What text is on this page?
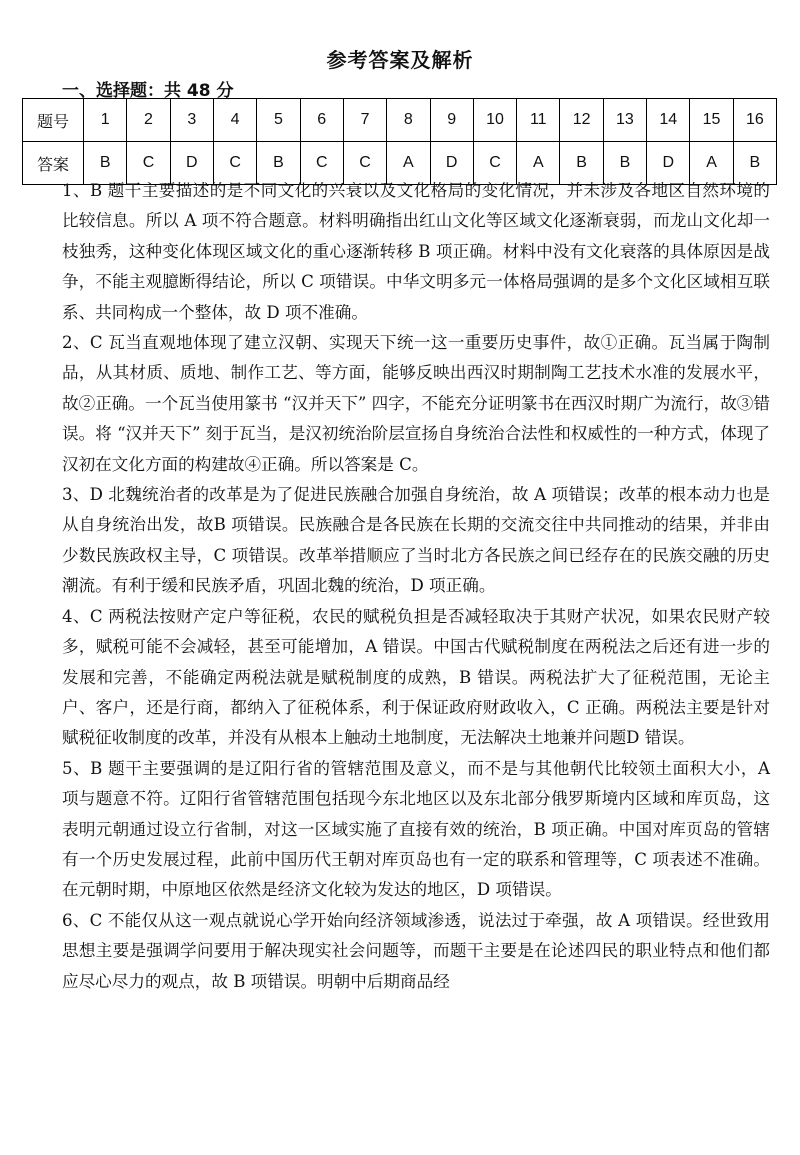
参考答案及解析
一、选择题：共 48 分
题号	1	2	3	4	5	6	7	8	9	10	11	12	13	14	15	16
答案	B	C	D	C	B	C	C	A	D	C	A	B	B	D	A	B

1、B 题干主要描述的是不同文化的兴衰以及文化格局的变化情况，并未涉及各地区自然环境的比较信息。所以 A 项不符合题意。材料明确指出红山文化等区域文化逐渐衰弱，而龙山文化却一枝独秀，这种变化体现区域文化的重心逐渐转移 B 项正确。材料中没有文化衰落的具体原因是战争，不能主观臆断得结论，所以 C 项错误。中华文明多元一体格局强调的是多个文化区域相互联系、共同构成一个整体，故 D 项不准确。

2、C 瓦当直观地体现了建立汉朝、实现天下统一这一重要历史事件，故①正确。瓦当属于陶制品，从其材质、质地、制作工艺、等方面，能够反映出西汉时期制陶工艺技术水准的发展水平，故②正确。一个瓦当使用篆书 “汉并天下” 四字，不能充分证明篆书在西汉时期广为流行，故③错误。将 “汉并天下” 刻于瓦当，是汉初统治阶层宣扬自身统治合法性和权威性的一种方式，体现了汉初在文化方面的构建故④正确。所以答案是 C。

3、D 北魏统治者的改革是为了促进民族融合加强自身统治，故 A 项错误；改革的根本动力也是从自身统治出发，故B 项错误。民族融合是各民族在长期的交流交往中共同推动的结果，并非由少数民族政权主导，C 项错误。改革举措顺应了当时北方各民族之间已经存在的民族交融的历史潮流。有利于缓和民族矛盾，巩固北魏的统治，D 项正确。

4、C 两税法按财产定户等征税，农民的赋税负担是否减轻取决于其财产状况，如果农民财产较多，赋税可能不会减轻，甚至可能增加，A 错误。中国古代赋税制度在两税法之后还有进一步的发展和完善，不能确定两税法就是赋税制度的成熟，B 错误。两税法扩大了征税范围，无论主户、客户，还是行商，都纳入了征税体系，利于保证政府财政收入，C 正确。两税法主要是针对赋税征收制度的改革，并没有从根本上触动土地制度，无法解决土地兼并问题D 错误。

5、B 题干主要强调的是辽阳行省的管辖范围及意义，而不是与其他朝代比较领土面积大小，A 项与题意不符。辽阳行省管辖范围包括现今东北地区以及东北部分俄罗斯境内区域和库页岛，这表明元朝通过设立行省制，对这一区域实施了直接有效的统治，B 项正确。中国对库页岛的管辖有一个历史发展过程，此前中国历代王朝对库页岛也有一定的联系和管理等，C 项表述不准确。在元朝时期，中原地区依然是经济文化较为发达的地区，D 项错误。

6、C 不能仅从这一观点就说心学开始向经济领域渗透，说法过于牵强，故 A 项错误。经世致用思想主要是强调学问要用于解决现实社会问题等，而题干主要是在论述四民的职业特点和他们都应尽心尽力的观点，故 B 项错误。明朝中后期商品经
